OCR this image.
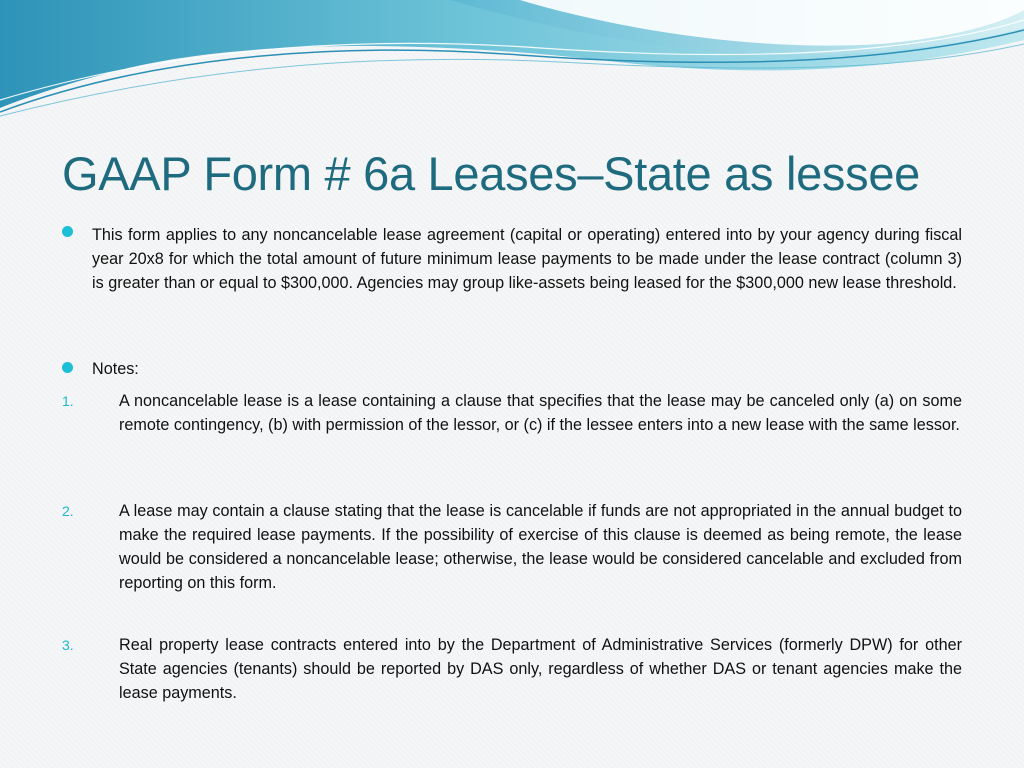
GAAP Form # 6a Leases–State as lessee

This form applies to any noncancelable lease agreement (capital or operating) entered into by your agency during fiscal year 20x8 for which the total amount of future minimum lease payments to be made under the lease contract (column 3) is greater than or equal to $300,000. Agencies may group like-assets being leased for the $300,000 new lease threshold.

Notes:

1.	A noncancelable lease is a lease containing a clause that specifies that the lease may be canceled only (a) on some remote contingency, (b) with permission of the lessor, or (c) if the lessee enters into a new lease with the same lessor.

2.	A lease may contain a clause stating that the lease is cancelable if funds are not appropriated in the annual budget to make the required lease payments. If the possibility of exercise of this clause is deemed as being remote, the lease would be considered a noncancelable lease; otherwise, the lease would be considered cancelable and excluded from reporting on this form.

3.	Real property lease contracts entered into by the Department of Administrative Services (formerly DPW) for other State agencies (tenants) should be reported by DAS only, regardless of whether DAS or tenant agencies make the lease payments.
